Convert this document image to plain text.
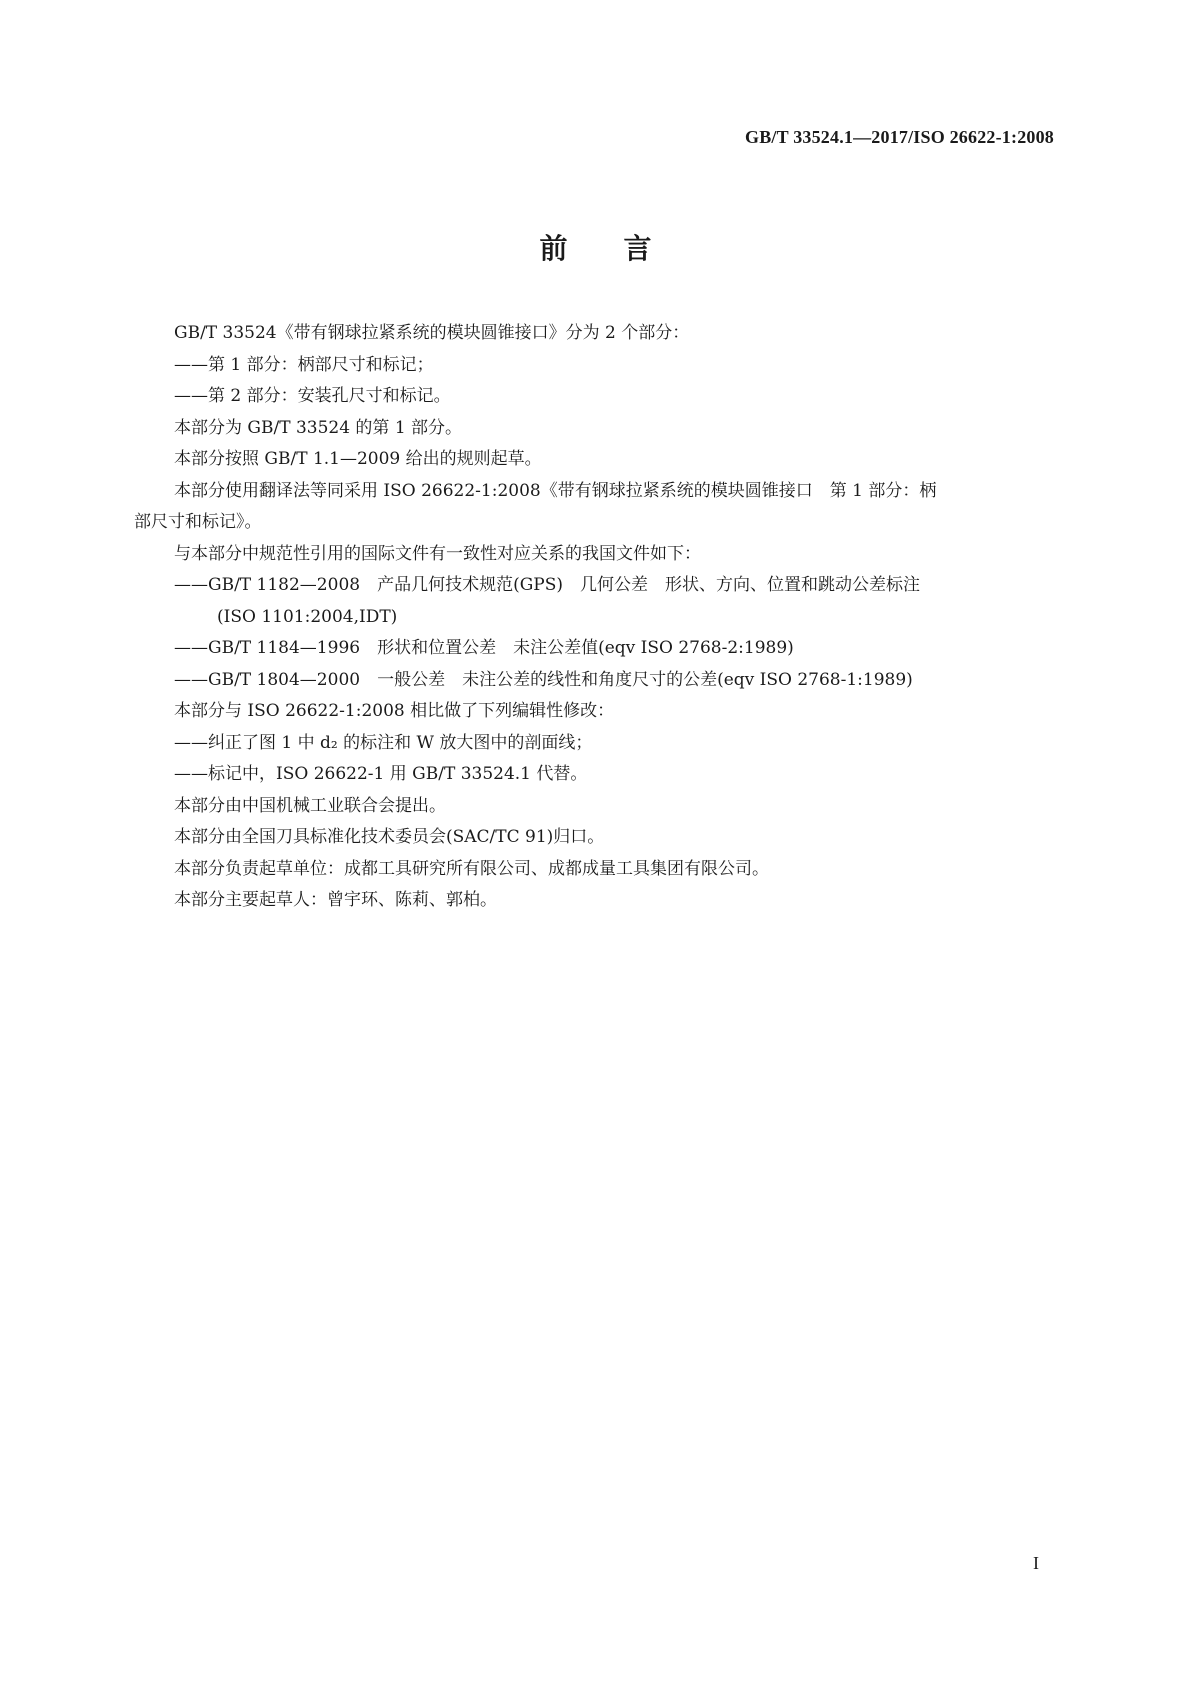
GB/T 33524.1—2017/ISO 26622-1:2008
前言
GB/T 33524《带有钢球拉紧系统的模块圆锥接口》分为 2 个部分：
——第 1 部分：柄部尺寸和标记；
——第 2 部分：安装孔尺寸和标记。
本部分为 GB/T 33524 的第 1 部分。
本部分按照 GB/T 1.1—2009 给出的规则起草。
本部分使用翻译法等同采用 ISO 26622-1:2008《带有钢球拉紧系统的模块圆锥接口　第 1 部分：柄
部尺寸和标记》。
与本部分中规范性引用的国际文件有一致性对应关系的我国文件如下：
——GB/T 1182—2008　产品几何技术规范(GPS)　几何公差　形状、方向、位置和跳动公差标注
(ISO 1101:2004,IDT)
——GB/T 1184—1996　形状和位置公差　未注公差值(eqv ISO 2768-2:1989)
——GB/T 1804—2000　一般公差　未注公差的线性和角度尺寸的公差(eqv ISO 2768-1:1989)
本部分与 ISO 26622-1:2008 相比做了下列编辑性修改：
——纠正了图 1 中 d₂ 的标注和 W 放大图中的剖面线；
——标记中，ISO 26622-1 用 GB/T 33524.1 代替。
本部分由中国机械工业联合会提出。
本部分由全国刀具标准化技术委员会(SAC/TC 91)归口。
本部分负责起草单位：成都工具研究所有限公司、成都成量工具集团有限公司。
本部分主要起草人：曾宇环、陈莉、郭柏。
I
